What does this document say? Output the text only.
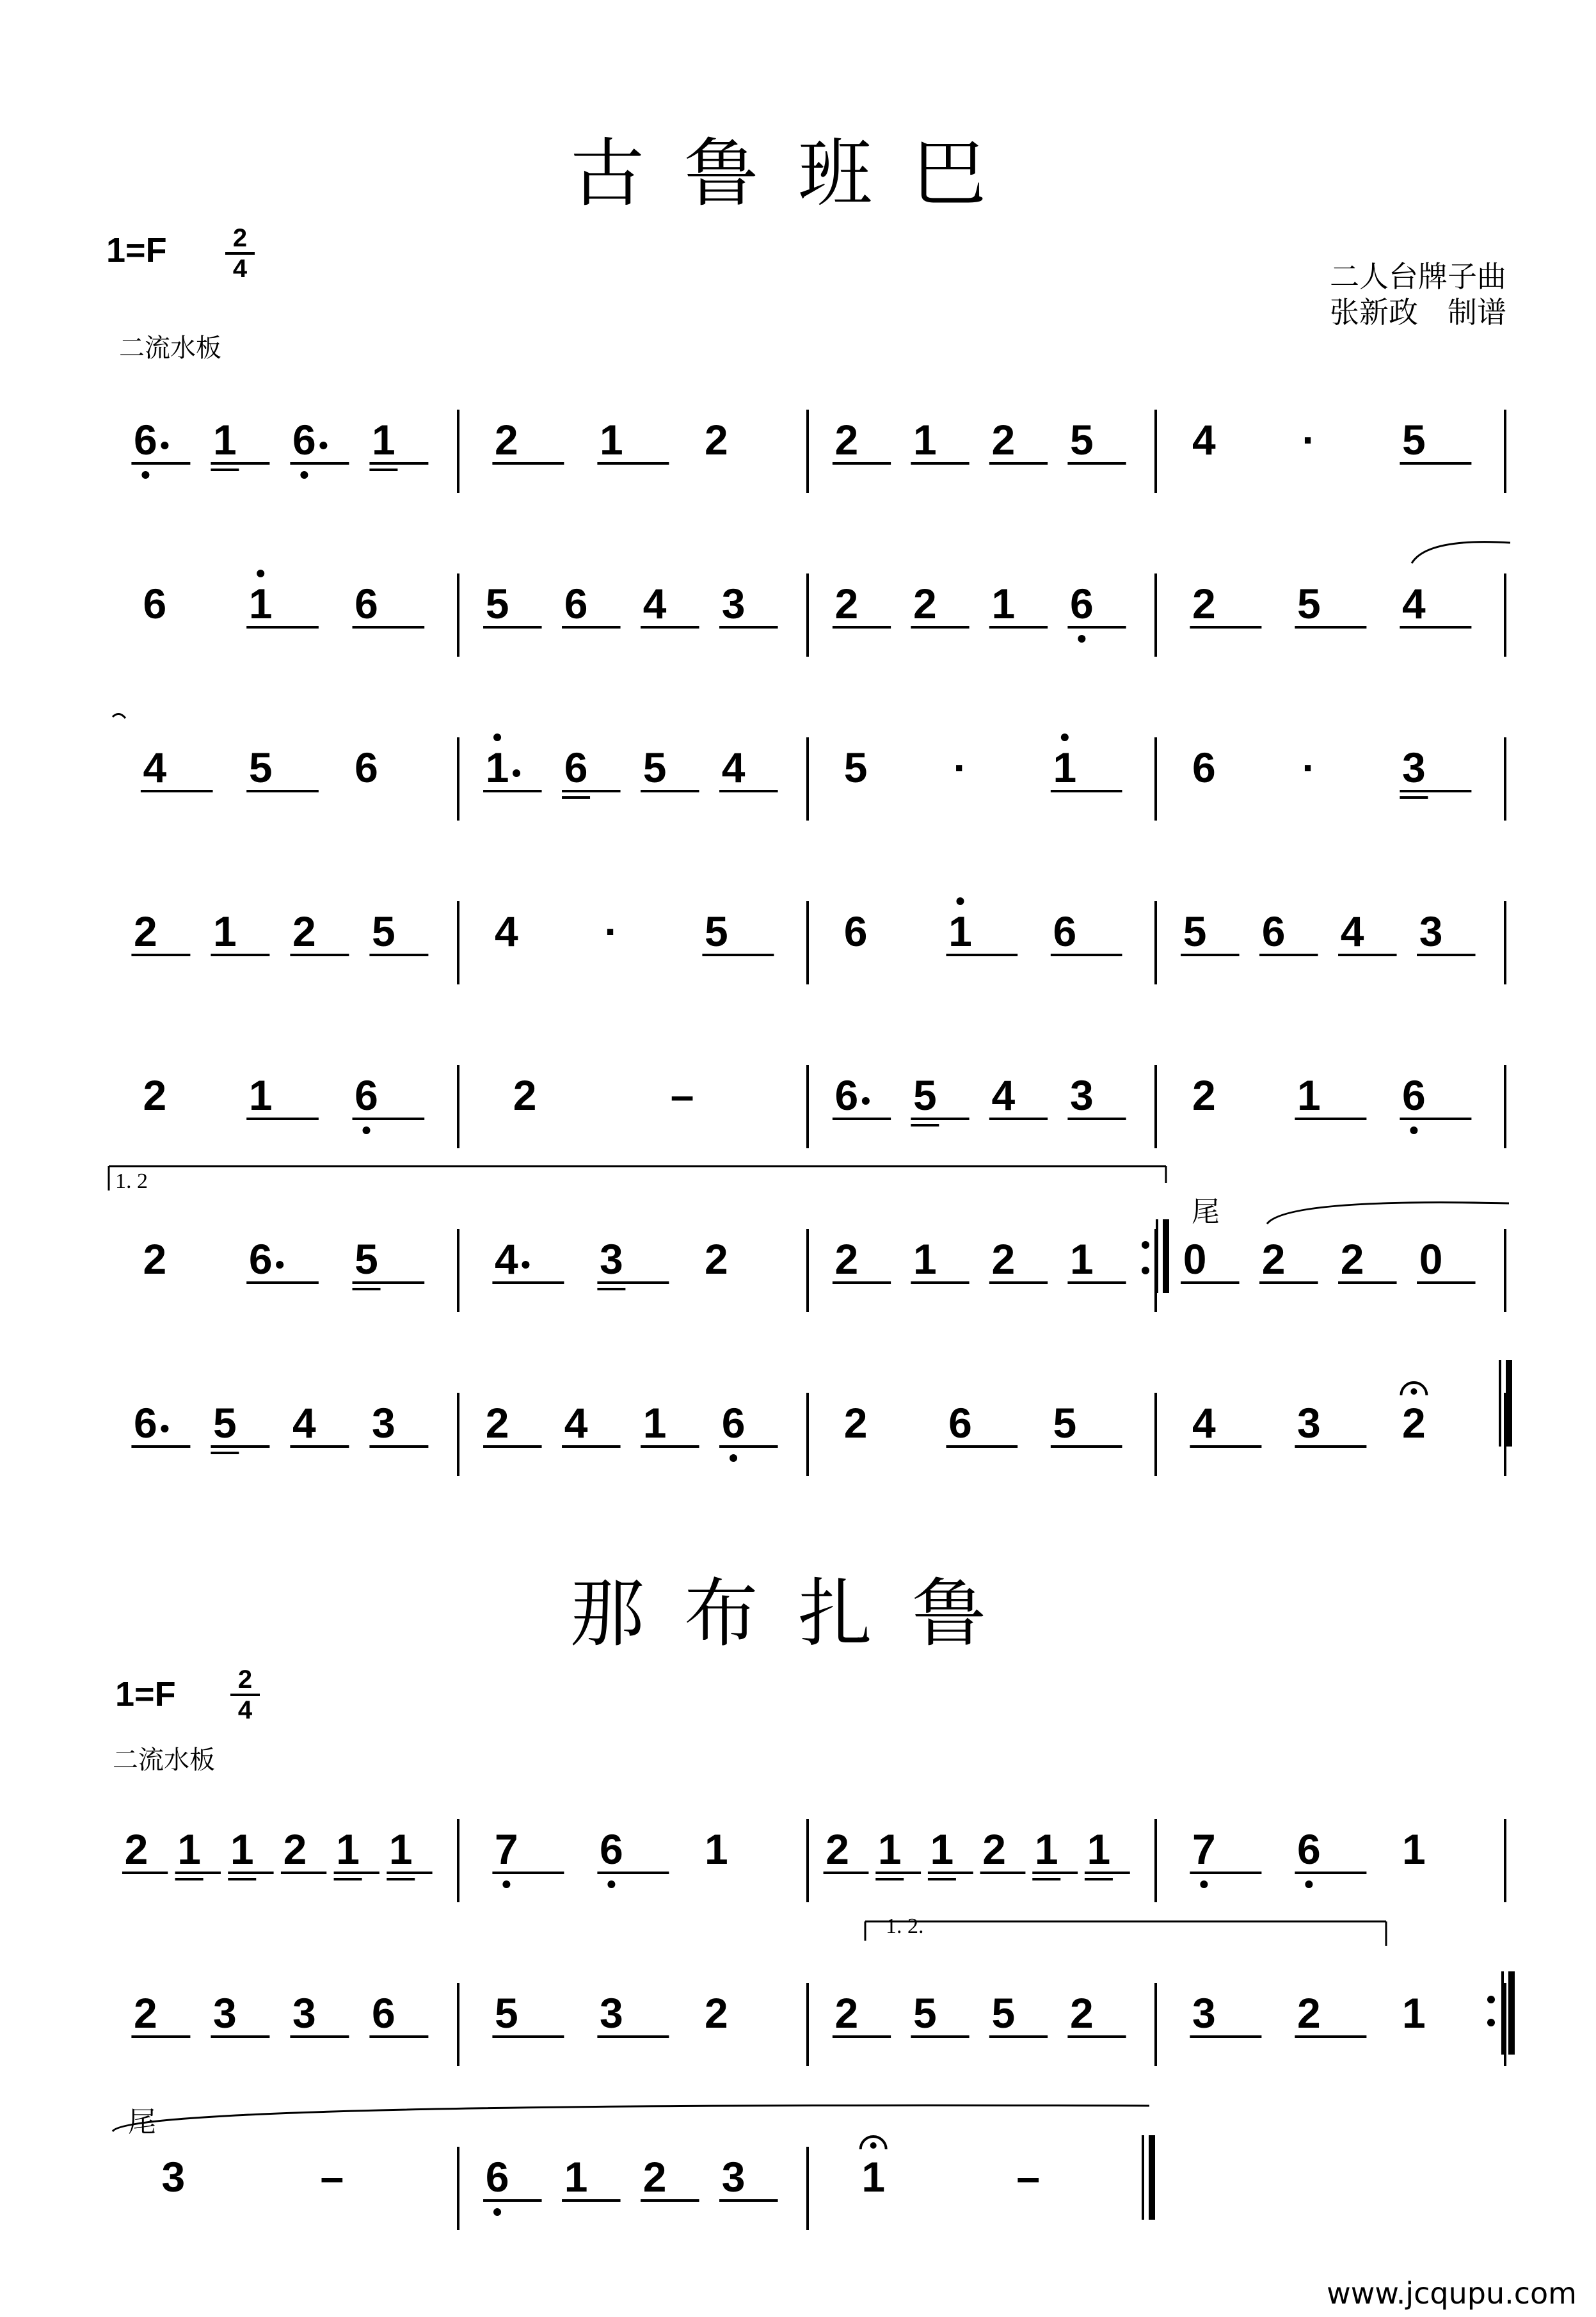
古鲁班巴
$1=F \frac{2}{4}$
二流水板
二人台牌子曲
张新政　制谱
那布扎鲁
$1=F \frac{2}{4}$
二流水板
6 1 6 1 2 1 2	2 1 2 5 4 · 5
6 1 6	5 6 4 3 2 2 1 6 2 5 4
4 5 6	1 6 5 4 5 · 1	6 · 3
2 1 2 5 4 · 5	6 1 6	5 6 4 3
2 1 6	2	–	6 5 4 3 2 1 6
2 6 5	4 3 2	2 1 2 1 0 2 2 0
6 5 4 3 2 4 1 6 2 6 5	4 3 2
1. 2
尾
2 1 1 2 1 1 7 6 1 2 1 1 2 1 1 7 6 1
2 3 3 6 5 3 2	2 5 5 2 3 2 1
3	–	6 1 2 3	1	–
1. 2.
尾
www.jcqupu.com
